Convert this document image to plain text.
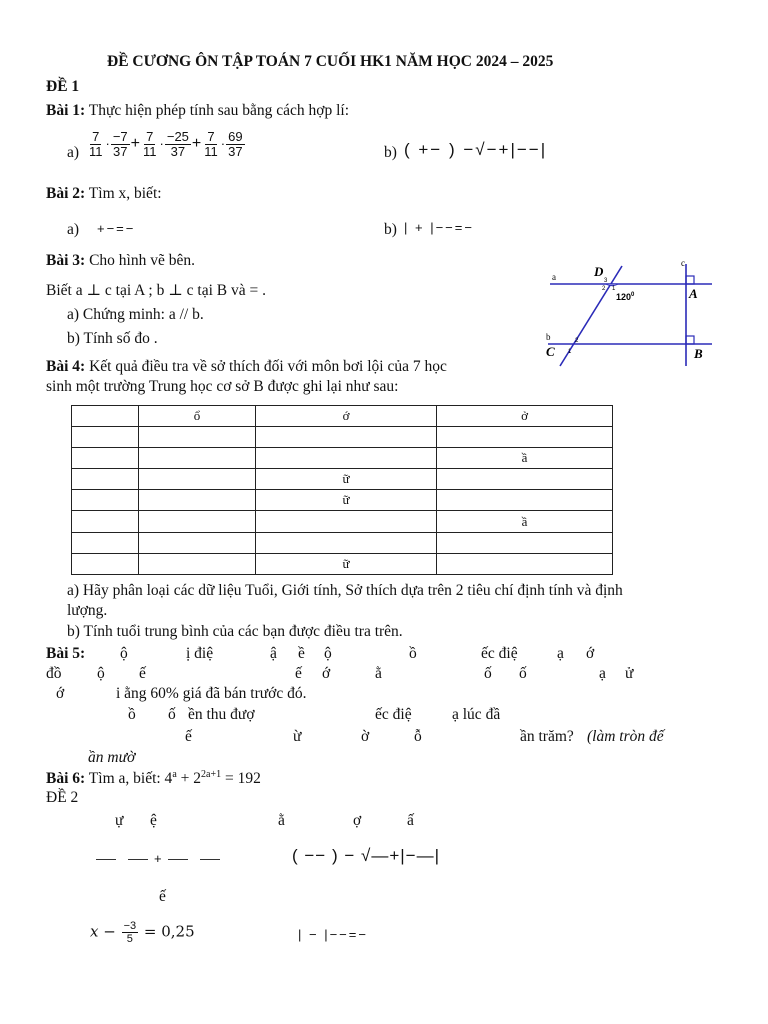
ĐỀ CƯƠNG ÔN TẬP TOÁN 7 CUỐI HK1 NĂM HỌC 2024 – 2025
ĐỀ 1
Bài 1: Thực hiện phép tính sau bằng cách hợp lí:
$a) \frac{7}{11} \cdot \frac{-7}{37} + \frac{7}{11} \cdot \frac{-25}{37} + \frac{7}{11} \cdot \frac{69}{37}$	b) ( +− ) −√−+|−−|
Bài 2: Tìm x, biết:
a) +−=−	b) | + |−−=−
Bài 3: Cho hình vẽ bên.
Biết a ⊥ c tại A ; b ⊥ c tại B và = .
a) Chứng minh: a // b.
b) Tính số đo .
D
A
C	B
a
b
c
$120^0$
1
2
3
2
1
Bài 4: Kết quả điều tra về sở thích đối với môn bơi lội của 7 học
sinh một trường Trung học cơ sở B được ghi lại như sau:
	ổ	ớ	ở

			ầ
		ữ	
		ữ	
			ầ

		ữ	
a) Hãy phân loại các dữ liệu Tuổi, Giới tính, Sở thích dựa trên 2 tiêu chí định tính và định
lượng.
b) Tính tuổi trung bình của các bạn được điều tra trên.
Bài 5: ộ	ị điệ	ậ ề ộ	ồ	ếc điệ	ạ ớ
đồ ộ ế	ế ớ	ằ	ố ố	ạ ử
ớ	i ằng 60% giá đã bán trước đó.
ồ ố ền thu đượ	ếc điệ	ạ lúc đầ
ế	ừ	ờ	ỗ	ần trăm? (làm tròn đế
ần mườ
Bài 6: Tìm a, biết: $4^a + 2^{2a+1} = 192$
ĐỀ 2
ự ệ	ằ	ợ	ấ
+	( −− ) − √—+|−—|
ế
$x - \frac{-3}{5} = 0,25$	| − |−−=−
